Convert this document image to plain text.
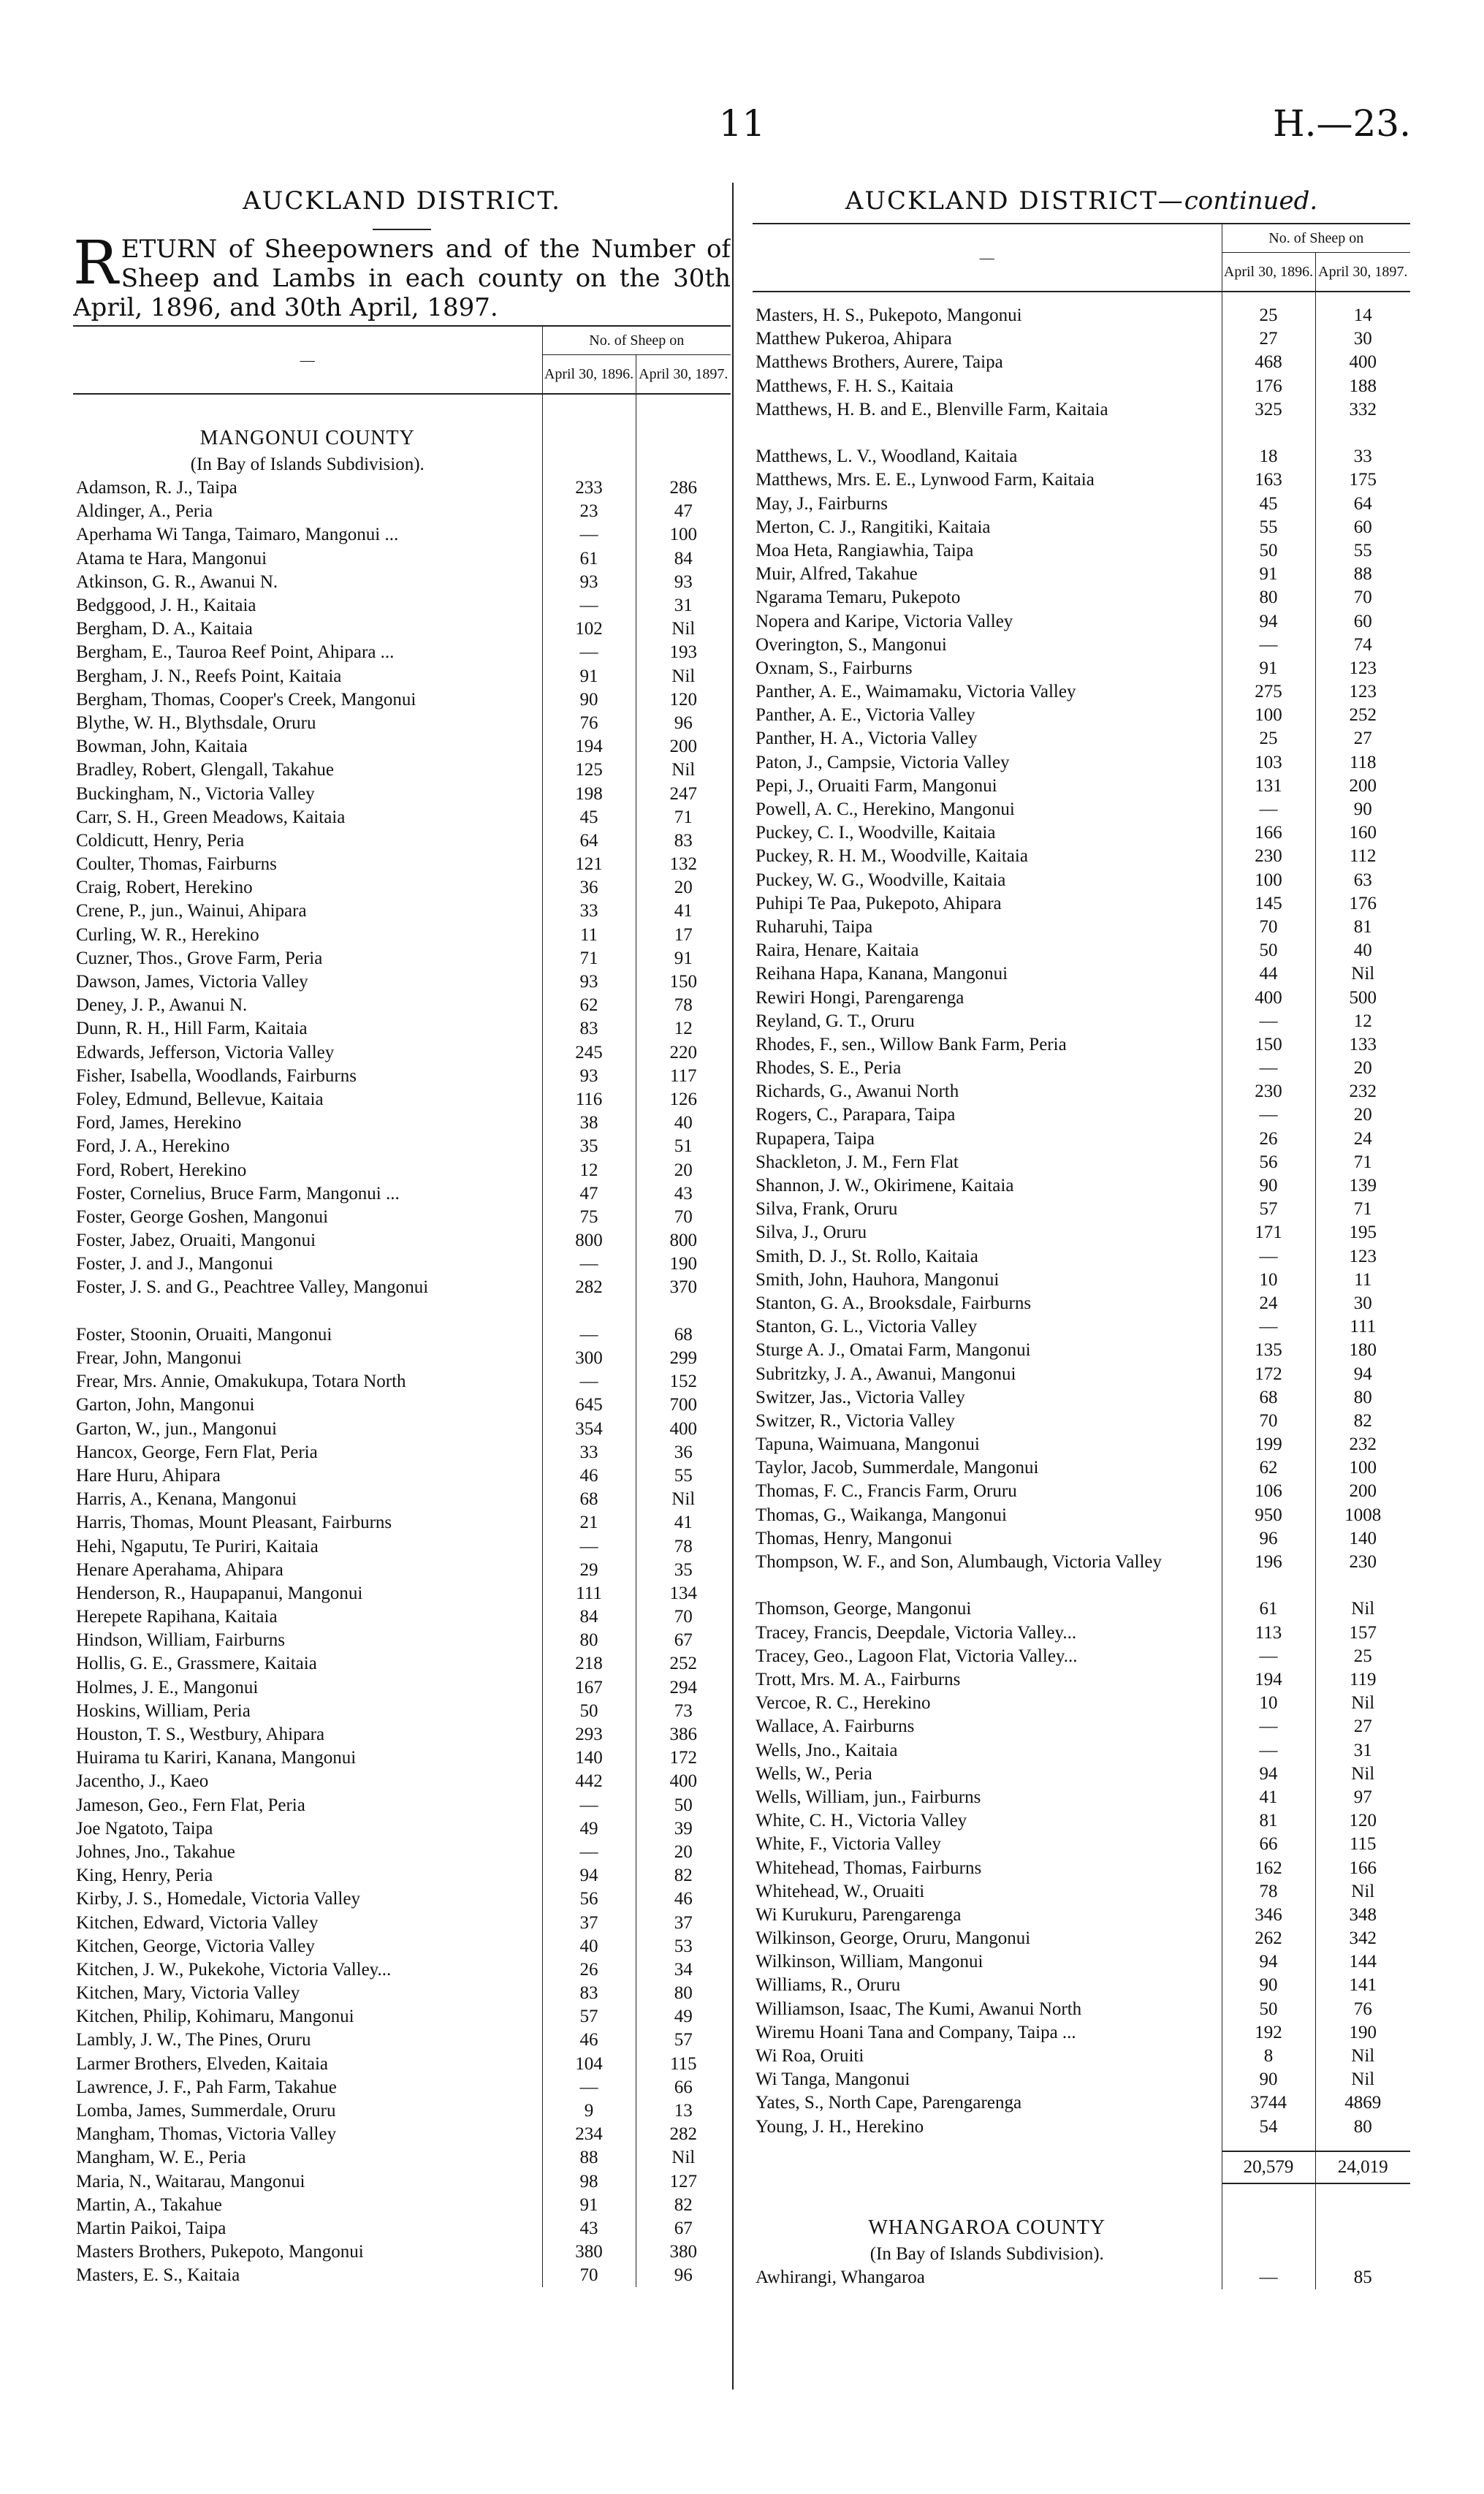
11	H.—23.
AUCKLAND DISTRICT.
RETURN of Sheepowners and of the Number of Sheep and Lambs in each county on the 30th April, 1896, and 30th April, 1897.
—	No. of Sheep on	
	April 30, 1896.	April 30, 1897.

MANGONUI COUNTY		
(In Bay of Islands Subdivision).		
Adamson, R. J., Taipa	233	286
Aldinger, A., Peria	23	47
Aperhama Wi Tanga, Taimaro, Mangonui ...	—	100
Atama te Hara, Mangonui	61	84
Atkinson, G. R., Awanui N.	93	93
Bedggood, J. H., Kaitaia	—	31
Bergham, D. A., Kaitaia	102	Nil
Bergham, E., Tauroa Reef Point, Ahipara ...	—	193
Bergham, J. N., Reefs Point, Kaitaia	91	Nil
Bergham, Thomas, Cooper's Creek, Mangonui	90	120
Blythe, W. H., Blythsdale, Oruru	76	96
Bowman, John, Kaitaia	194	200
Bradley, Robert, Glengall, Takahue	125	Nil
Buckingham, N., Victoria Valley	198	247
Carr, S. H., Green Meadows, Kaitaia	45	71
Coldicutt, Henry, Peria	64	83
Coulter, Thomas, Fairburns	121	132
Craig, Robert, Herekino	36	20
Crene, P., jun., Wainui, Ahipara	33	41
Curling, W. R., Herekino	11	17
Cuzner, Thos., Grove Farm, Peria	71	91
Dawson, James, Victoria Valley	93	150
Deney, J. P., Awanui N.	62	78
Dunn, R. H., Hill Farm, Kaitaia	83	12
Edwards, Jefferson, Victoria Valley	245	220
Fisher, Isabella, Woodlands, Fairburns	93	117
Foley, Edmund, Bellevue, Kaitaia	116	126
Ford, James, Herekino	38	40
Ford, J. A., Herekino	35	51
Ford, Robert, Herekino	12	20
Foster, Cornelius, Bruce Farm, Mangonui ...	47	43
Foster, George Goshen, Mangonui	75	70
Foster, Jabez, Oruaiti, Mangonui	800	800
Foster, J. and J., Mangonui	—	190
Foster, J. S. and G., Peachtree Valley, Mangonui	282	370
Foster, Stoonin, Oruaiti, Mangonui	—	68
Frear, John, Mangonui	300	299
Frear, Mrs. Annie, Omakukupa, Totara North	—	152
Garton, John, Mangonui	645	700
Garton, W., jun., Mangonui	354	400
Hancox, George, Fern Flat, Peria	33	36
Hare Huru, Ahipara	46	55
Harris, A., Kenana, Mangonui	68	Nil
Harris, Thomas, Mount Pleasant, Fairburns	21	41
Hehi, Ngaputu, Te Puriri, Kaitaia	—	78
Henare Aperahama, Ahipara	29	35
Henderson, R., Haupapanui, Mangonui	111	134
Herepete Rapihana, Kaitaia	84	70
Hindson, William, Fairburns	80	67
Hollis, G. E., Grassmere, Kaitaia	218	252
Holmes, J. E., Mangonui	167	294
Hoskins, William, Peria	50	73
Houston, T. S., Westbury, Ahipara	293	386
Huirama tu Kariri, Kanana, Mangonui	140	172
Jacentho, J., Kaeo	442	400
Jameson, Geo., Fern Flat, Peria	—	50
Joe Ngatoto, Taipa	49	39
Johnes, Jno., Takahue	—	20
King, Henry, Peria	94	82
Kirby, J. S., Homedale, Victoria Valley	56	46
Kitchen, Edward, Victoria Valley	37	37
Kitchen, George, Victoria Valley	40	53
Kitchen, J. W., Pukekohe, Victoria Valley...	26	34
Kitchen, Mary, Victoria Valley	83	80
Kitchen, Philip, Kohimaru, Mangonui	57	49
Lambly, J. W., The Pines, Oruru	46	57
Larmer Brothers, Elveden, Kaitaia	104	115
Lawrence, J. F., Pah Farm, Takahue	—	66
Lomba, James, Summerdale, Oruru	9	13
Mangham, Thomas, Victoria Valley	234	282
Mangham, W. E., Peria	88	Nil
Maria, N., Waitarau, Mangonui	98	127
Martin, A., Takahue	91	82
Martin Paikoi, Taipa	43	67
Masters Brothers, Pukepoto, Mangonui	380	380
Masters, E. S., Kaitaia	70	96
AUCKLAND DISTRICT—continued.
—	No. of Sheep on	
	April 30, 1896.	April 30, 1897.

Masters, H. S., Pukepoto, Mangonui	25	14
Matthew Pukeroa, Ahipara	27	30
Matthews Brothers, Aurere, Taipa	468	400
Matthews, F. H. S., Kaitaia	176	188
Matthews, H. B. and E., Blenville Farm, Kaitaia	325	332
Matthews, L. V., Woodland, Kaitaia	18	33
Matthews, Mrs. E. E., Lynwood Farm, Kaitaia	163	175
May, J., Fairburns	45	64
Merton, C. J., Rangitiki, Kaitaia	55	60
Moa Heta, Rangiawhia, Taipa	50	55
Muir, Alfred, Takahue	91	88
Ngarama Temaru, Pukepoto	80	70
Nopera and Karipe, Victoria Valley	94	60
Overington, S., Mangonui	—	74
Oxnam, S., Fairburns	91	123
Panther, A. E., Waimamaku, Victoria Valley	275	123
Panther, A. E., Victoria Valley	100	252
Panther, H. A., Victoria Valley	25	27
Paton, J., Campsie, Victoria Valley	103	118
Pepi, J., Oruaiti Farm, Mangonui	131	200
Powell, A. C., Herekino, Mangonui	—	90
Puckey, C. I., Woodville, Kaitaia	166	160
Puckey, R. H. M., Woodville, Kaitaia	230	112
Puckey, W. G., Woodville, Kaitaia	100	63
Puhipi Te Paa, Pukepoto, Ahipara	145	176
Ruharuhi, Taipa	70	81
Raira, Henare, Kaitaia	50	40
Reihana Hapa, Kanana, Mangonui	44	Nil
Rewiri Hongi, Parengarenga	400	500
Reyland, G. T., Oruru	—	12
Rhodes, F., sen., Willow Bank Farm, Peria	150	133
Rhodes, S. E., Peria	—	20
Richards, G., Awanui North	230	232
Rogers, C., Parapara, Taipa	—	20
Rupapera, Taipa	26	24
Shackleton, J. M., Fern Flat	56	71
Shannon, J. W., Okirimene, Kaitaia	90	139
Silva, Frank, Oruru	57	71
Silva, J., Oruru	171	195
Smith, D. J., St. Rollo, Kaitaia	—	123
Smith, John, Hauhora, Mangonui	10	11
Stanton, G. A., Brooksdale, Fairburns	24	30
Stanton, G. L., Victoria Valley	—	111
Sturge A. J., Omatai Farm, Mangonui	135	180
Subritzky, J. A., Awanui, Mangonui	172	94
Switzer, Jas., Victoria Valley	68	80
Switzer, R., Victoria Valley	70	82
Tapuna, Waimuana, Mangonui	199	232
Taylor, Jacob, Summerdale, Mangonui	62	100
Thomas, F. C., Francis Farm, Oruru	106	200
Thomas, G., Waikanga, Mangonui	950	1008
Thomas, Henry, Mangonui	96	140
Thompson, W. F., and Son, Alumbaugh, Victoria Valley	196	230
Thomson, George, Mangonui	61	Nil
Tracey, Francis, Deepdale, Victoria Valley...	113	157
Tracey, Geo., Lagoon Flat, Victoria Valley...	—	25
Trott, Mrs. M. A., Fairburns	194	119
Vercoe, R. C., Herekino	10	Nil
Wallace, A. Fairburns	—	27
Wells, Jno., Kaitaia	—	31
Wells, W., Peria	94	Nil
Wells, William, jun., Fairburns	41	97
White, C. H., Victoria Valley	81	120
White, F., Victoria Valley	66	115
Whitehead, Thomas, Fairburns	162	166
Whitehead, W., Oruaiti	78	Nil
Wi Kurukuru, Parengarenga	346	348
Wilkinson, George, Oruru, Mangonui	262	342
Wilkinson, William, Mangonui	94	144
Williams, R., Oruru	90	141
Williamson, Isaac, The Kumi, Awanui North	50	76
Wiremu Hoani Tana and Company, Taipa ...	192	190
Wi Roa, Oruiti	8	Nil
Wi Tanga, Mangonui	90	Nil
Yates, S., North Cape, Parengarenga	3744	4869
Young, J. H., Herekino	54	80

	20,579	24,019

WHANGAROA COUNTY		
(In Bay of Islands Subdivision).		
Awhirangi, Whangaroa	—	85
